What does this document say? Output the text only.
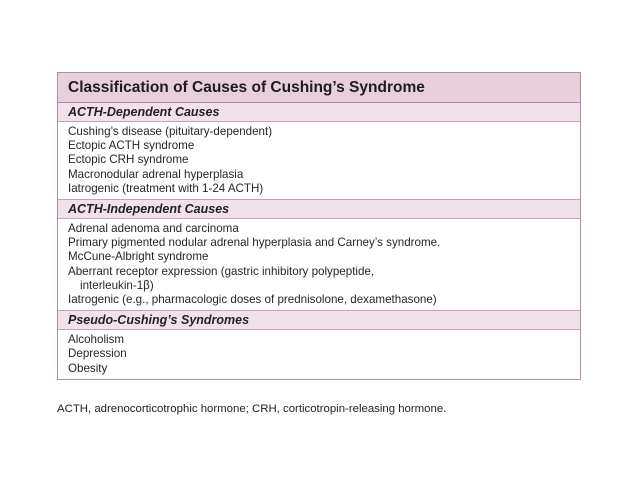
Classification of Causes of Cushing’s Syndrome
ACTH-Dependent Causes
Cushing’s disease (pituitary-dependent)
Ectopic ACTH syndrome
Ectopic CRH syndrome
Macronodular adrenal hyperplasia
Iatrogenic (treatment with 1-24 ACTH)
ACTH-Independent Causes
Adrenal adenoma and carcinoma
Primary pigmented nodular adrenal hyperplasia and Carney’s syndrome.
McCune-Albright syndrome
Aberrant receptor expression (gastric inhibitory polypeptide,
interleukin-1β)
Iatrogenic (e.g., pharmacologic doses of prednisolone, dexamethasone)
Pseudo-Cushing’s Syndromes
Alcoholism
Depression
Obesity
ACTH, adrenocorticotrophic hormone; CRH, corticotropin-releasing hormone.
